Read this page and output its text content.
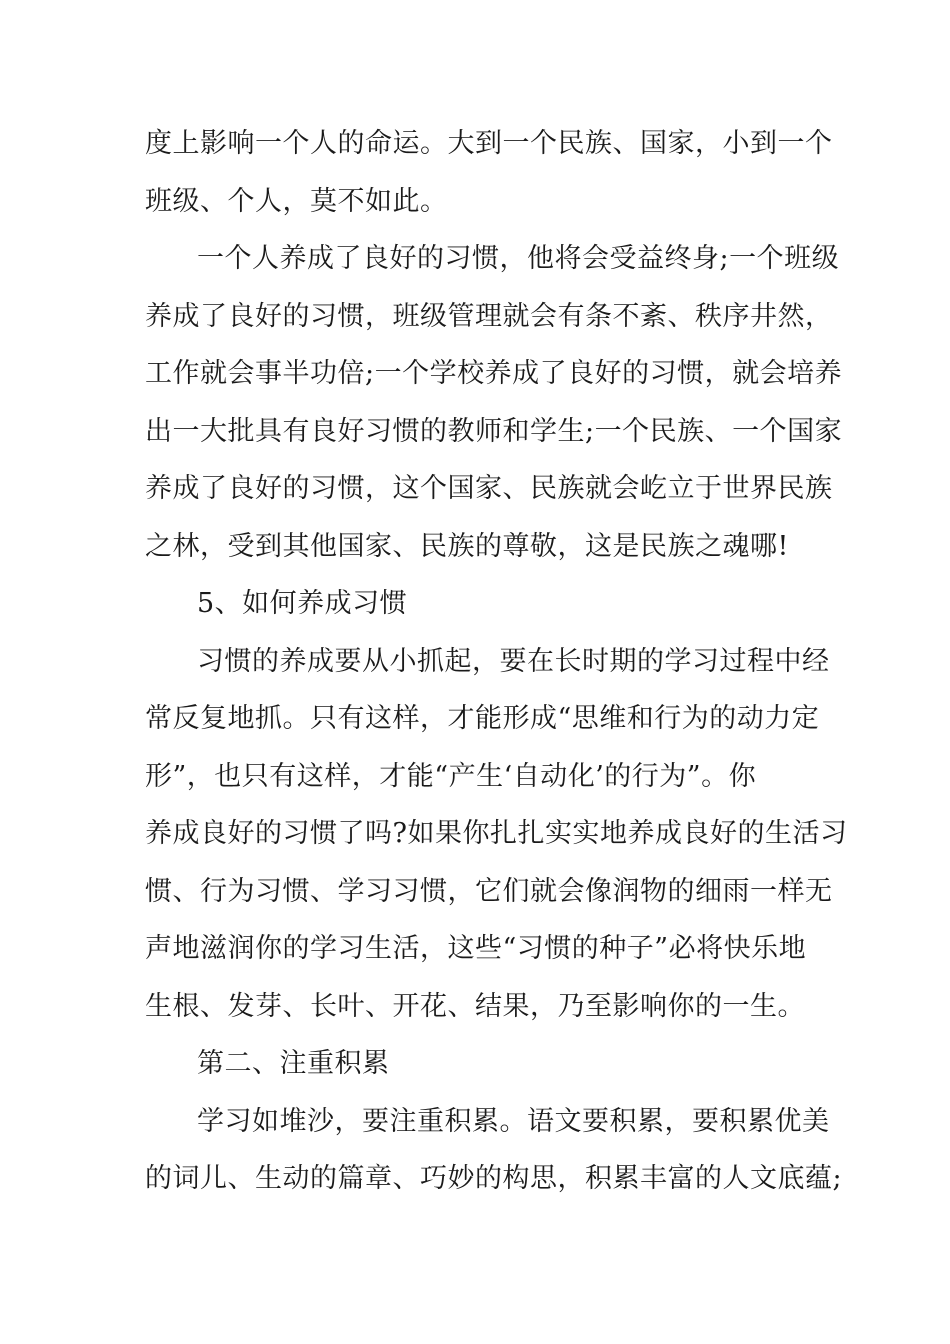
度上影响一个人的命运。大到一个民族、国家，小到一个
班级、个人，莫不如此。
一个人养成了良好的习惯，他将会受益终身;一个班级
养成了良好的习惯，班级管理就会有条不紊、秩序井然，
工作就会事半功倍;一个学校养成了良好的习惯，就会培养
出一大批具有良好习惯的教师和学生;一个民族、一个国家
养成了良好的习惯，这个国家、民族就会屹立于世界民族
之林，受到其他国家、民族的尊敬，这是民族之魂哪!
5、如何养成习惯
习惯的养成要从小抓起，要在长时期的学习过程中经
常反复地抓。只有这样，才能形成“思维和行为的动力定
形”，也只有这样，才能“产生‘自动化’的行为”。你
养成良好的习惯了吗?如果你扎扎实实地养成良好的生活习
惯、行为习惯、学习习惯，它们就会像润物的细雨一样无
声地滋润你的学习生活，这些“习惯的种子”必将快乐地
生根、发芽、长叶、开花、结果，乃至影响你的一生。
第二、注重积累
学习如堆沙，要注重积累。语文要积累，要积累优美
的词儿、生动的篇章、巧妙的构思，积累丰富的人文底蕴;
